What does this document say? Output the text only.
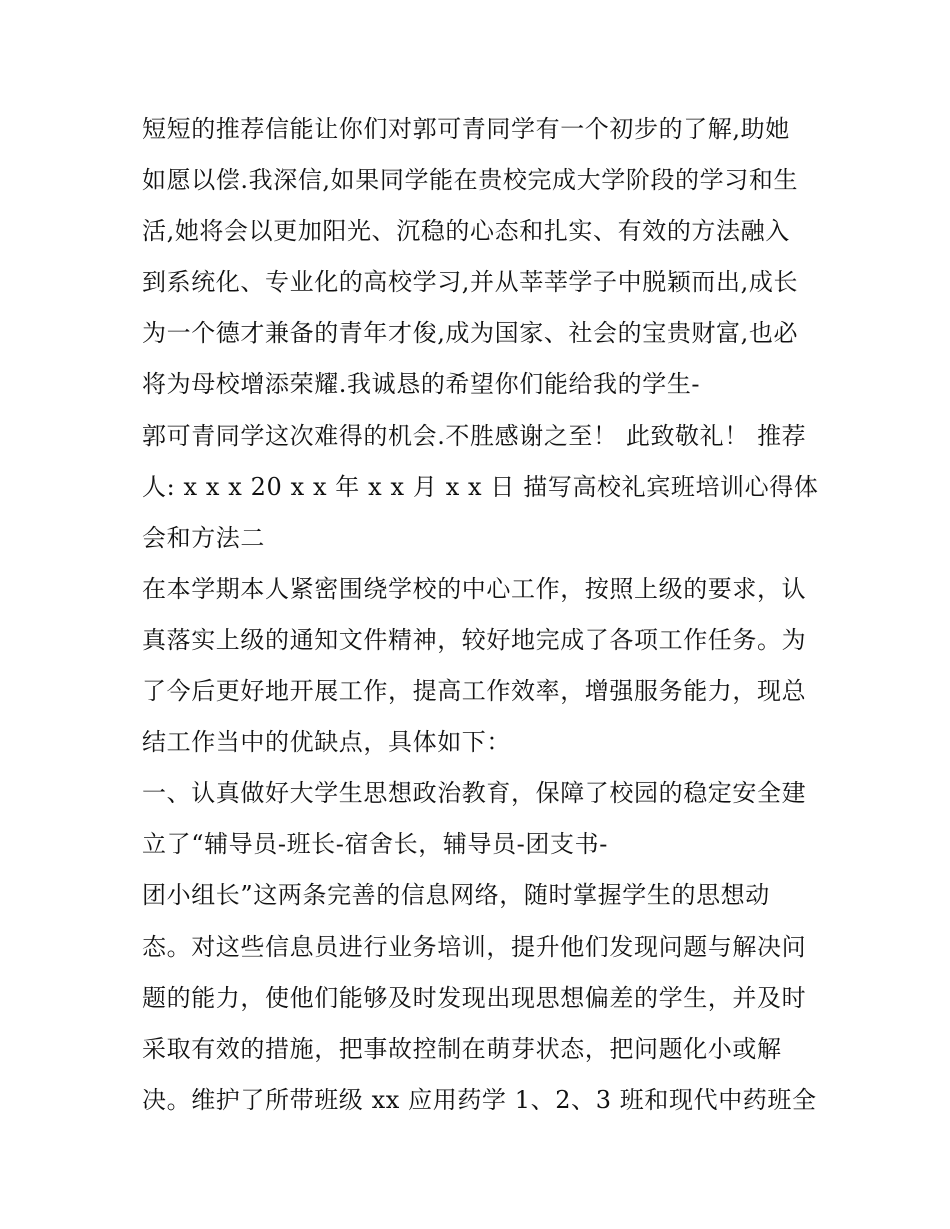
短短的推荐信能让你们对郭可青同学有一个初步的了解,助她
如愿以偿.我深信,如果同学能在贵校完成大学阶段的学习和生
活,她将会以更加阳光、沉稳的心态和扎实、有效的方法融入
到系统化、专业化的高校学习,并从莘莘学子中脱颖而出,成长
为一个德才兼备的青年才俊,成为国家、社会的宝贵财富,也必
将为母校增添荣耀.我诚恳的希望你们能给我的学生-
郭可青同学这次难得的机会.不胜感谢之至！ 此致敬礼！ 推荐
人: x x x 20 x x 年 x x 月 x x 日 描写高校礼宾班培训心得体
会和方法二
在本学期本人紧密围绕学校的中心工作，按照上级的要求，认
真落实上级的通知文件精神，较好地完成了各项工作任务。为
了今后更好地开展工作，提高工作效率，增强服务能力，现总
结工作当中的优缺点，具体如下：
一、认真做好大学生思想政治教育，保障了校园的稳定安全建
立了“辅导员-班长-宿舍长，辅导员-团支书-
团小组长”这两条完善的信息网络，随时掌握学生的思想动
态。对这些信息员进行业务培训，提升他们发现问题与解决问
题的能力，使他们能够及时发现出现思想偏差的学生，并及时
采取有效的措施，把事故控制在萌芽状态，把问题化小或解
决。维护了所带班级 xx 应用药学 1、2、3 班和现代中药班全
